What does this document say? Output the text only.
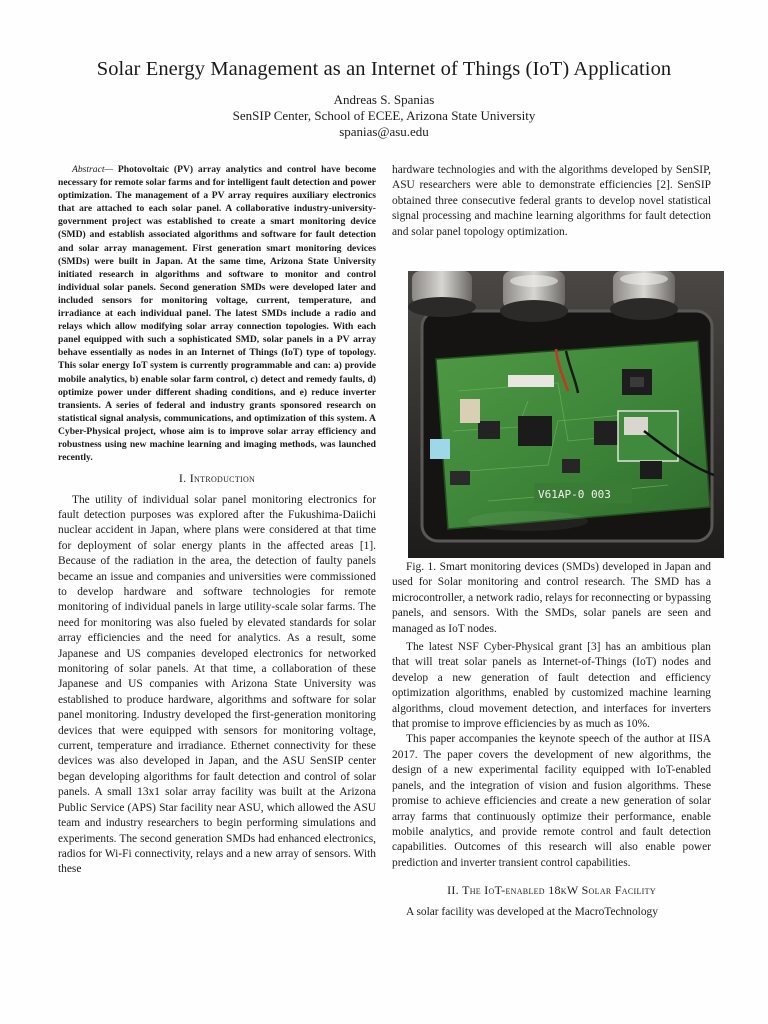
Solar Energy Management as an Internet of Things (IoT) Application
Andreas S. Spanias
SenSIP Center, School of ECEE, Arizona State University
spanias@asu.edu

Abstract— Photovoltaic (PV) array analytics and control have become necessary for remote solar farms and for intelligent fault detection and power optimization. The management of a PV array requires auxiliary electronics that are attached to each solar panel. A collaborative industry-university-government project was established to create a smart monitoring device (SMD) and establish associated algorithms and software for fault detection and solar array management. First generation smart monitoring devices (SMDs) were built in Japan. At the same time, Arizona State University initiated research in algorithms and software to monitor and control individual solar panels. Second generation SMDs were developed later and included sensors for monitoring voltage, current, temperature, and irradiance at each individual panel. The latest SMDs include a radio and relays which allow modifying solar array connection topologies. With each panel equipped with such a sophisticated SMD, solar panels in a PV array behave essentially as nodes in an Internet of Things (IoT) type of topology. This solar energy IoT system is currently programmable and can: a) provide mobile analytics, b) enable solar farm control, c) detect and remedy faults, d) optimize power under different shading conditions, and e) reduce inverter transients. A series of federal and industry grants sponsored research on statistical signal analysis, communications, and optimization of this system. A Cyber-Physical project, whose aim is to improve solar array efficiency and robustness using new machine learning and imaging methods, was launched recently.

I. Introduction

The utility of individual solar panel monitoring electronics for fault detection purposes was explored after the Fukushima-Daiichi nuclear accident in Japan, where plans were considered at that time for deployment of solar energy plants in the affected areas [1]. Because of the radiation in the area, the detection of faulty panels became an issue and companies and universities were commissioned to develop hardware and software technologies for remote monitoring of individual panels in large utility-scale solar farms. The need for monitoring was also fueled by elevated standards for solar array efficiencies and the need for analytics. As a result, some Japanese and US companies developed electronics for networked monitoring of solar panels. At that time, a collaboration of these Japanese and US companies with Arizona State University was established to produce hardware, algorithms and software for solar panel monitoring. Industry developed the first-generation monitoring devices that were equipped with sensors for monitoring voltage, current, temperature and irradiance. Ethernet connectivity for these devices was also developed in Japan, and the ASU SenSIP center began developing algorithms for fault detection and control of solar panels. A small 13x1 solar array facility was built at the Arizona Public Service (APS) Star facility near ASU, which allowed the ASU team and industry researchers to begin performing simulations and experiments. The second generation SMDs had enhanced electronics, radios for Wi-Fi connectivity, relays and a new array of sensors. With these

hardware technologies and with the algorithms developed by SenSIP, ASU researchers were able to demonstrate efficiencies [2]. SenSIP obtained three consecutive federal grants to develop novel statistical signal processing and machine learning algorithms for fault detection and solar panel topology optimization.

V61AP-0 003

Fig. 1. Smart monitoring devices (SMDs) developed in Japan and used for Solar monitoring and control research. The SMD has a microcontroller, a network radio, relays for reconnecting or bypassing panels, and sensors. With the SMDs, solar panels are seen and managed as IoT nodes.

The latest NSF Cyber-Physical grant [3] has an ambitious plan that will treat solar panels as Internet-of-Things (IoT) nodes and develop a new generation of fault detection and efficiency optimization algorithms, enabled by customized machine learning algorithms, cloud movement detection, and interfaces for inverters that promise to improve efficiencies by as much as 10%.

This paper accompanies the keynote speech of the author at IISA 2017. The paper covers the development of new algorithms, the design of a new experimental facility equipped with IoT-enabled panels, and the integration of vision and fusion algorithms. These promise to achieve efficiencies and create a new generation of solar array farms that continuously optimize their performance, enable mobile analytics, and provide remote control and fault detection capabilities. Outcomes of this research will also enable power prediction and inverter transient control capabilities.

II. The IoT-enabled 18kW Solar Facility

A solar facility was developed at the MacroTechnology
